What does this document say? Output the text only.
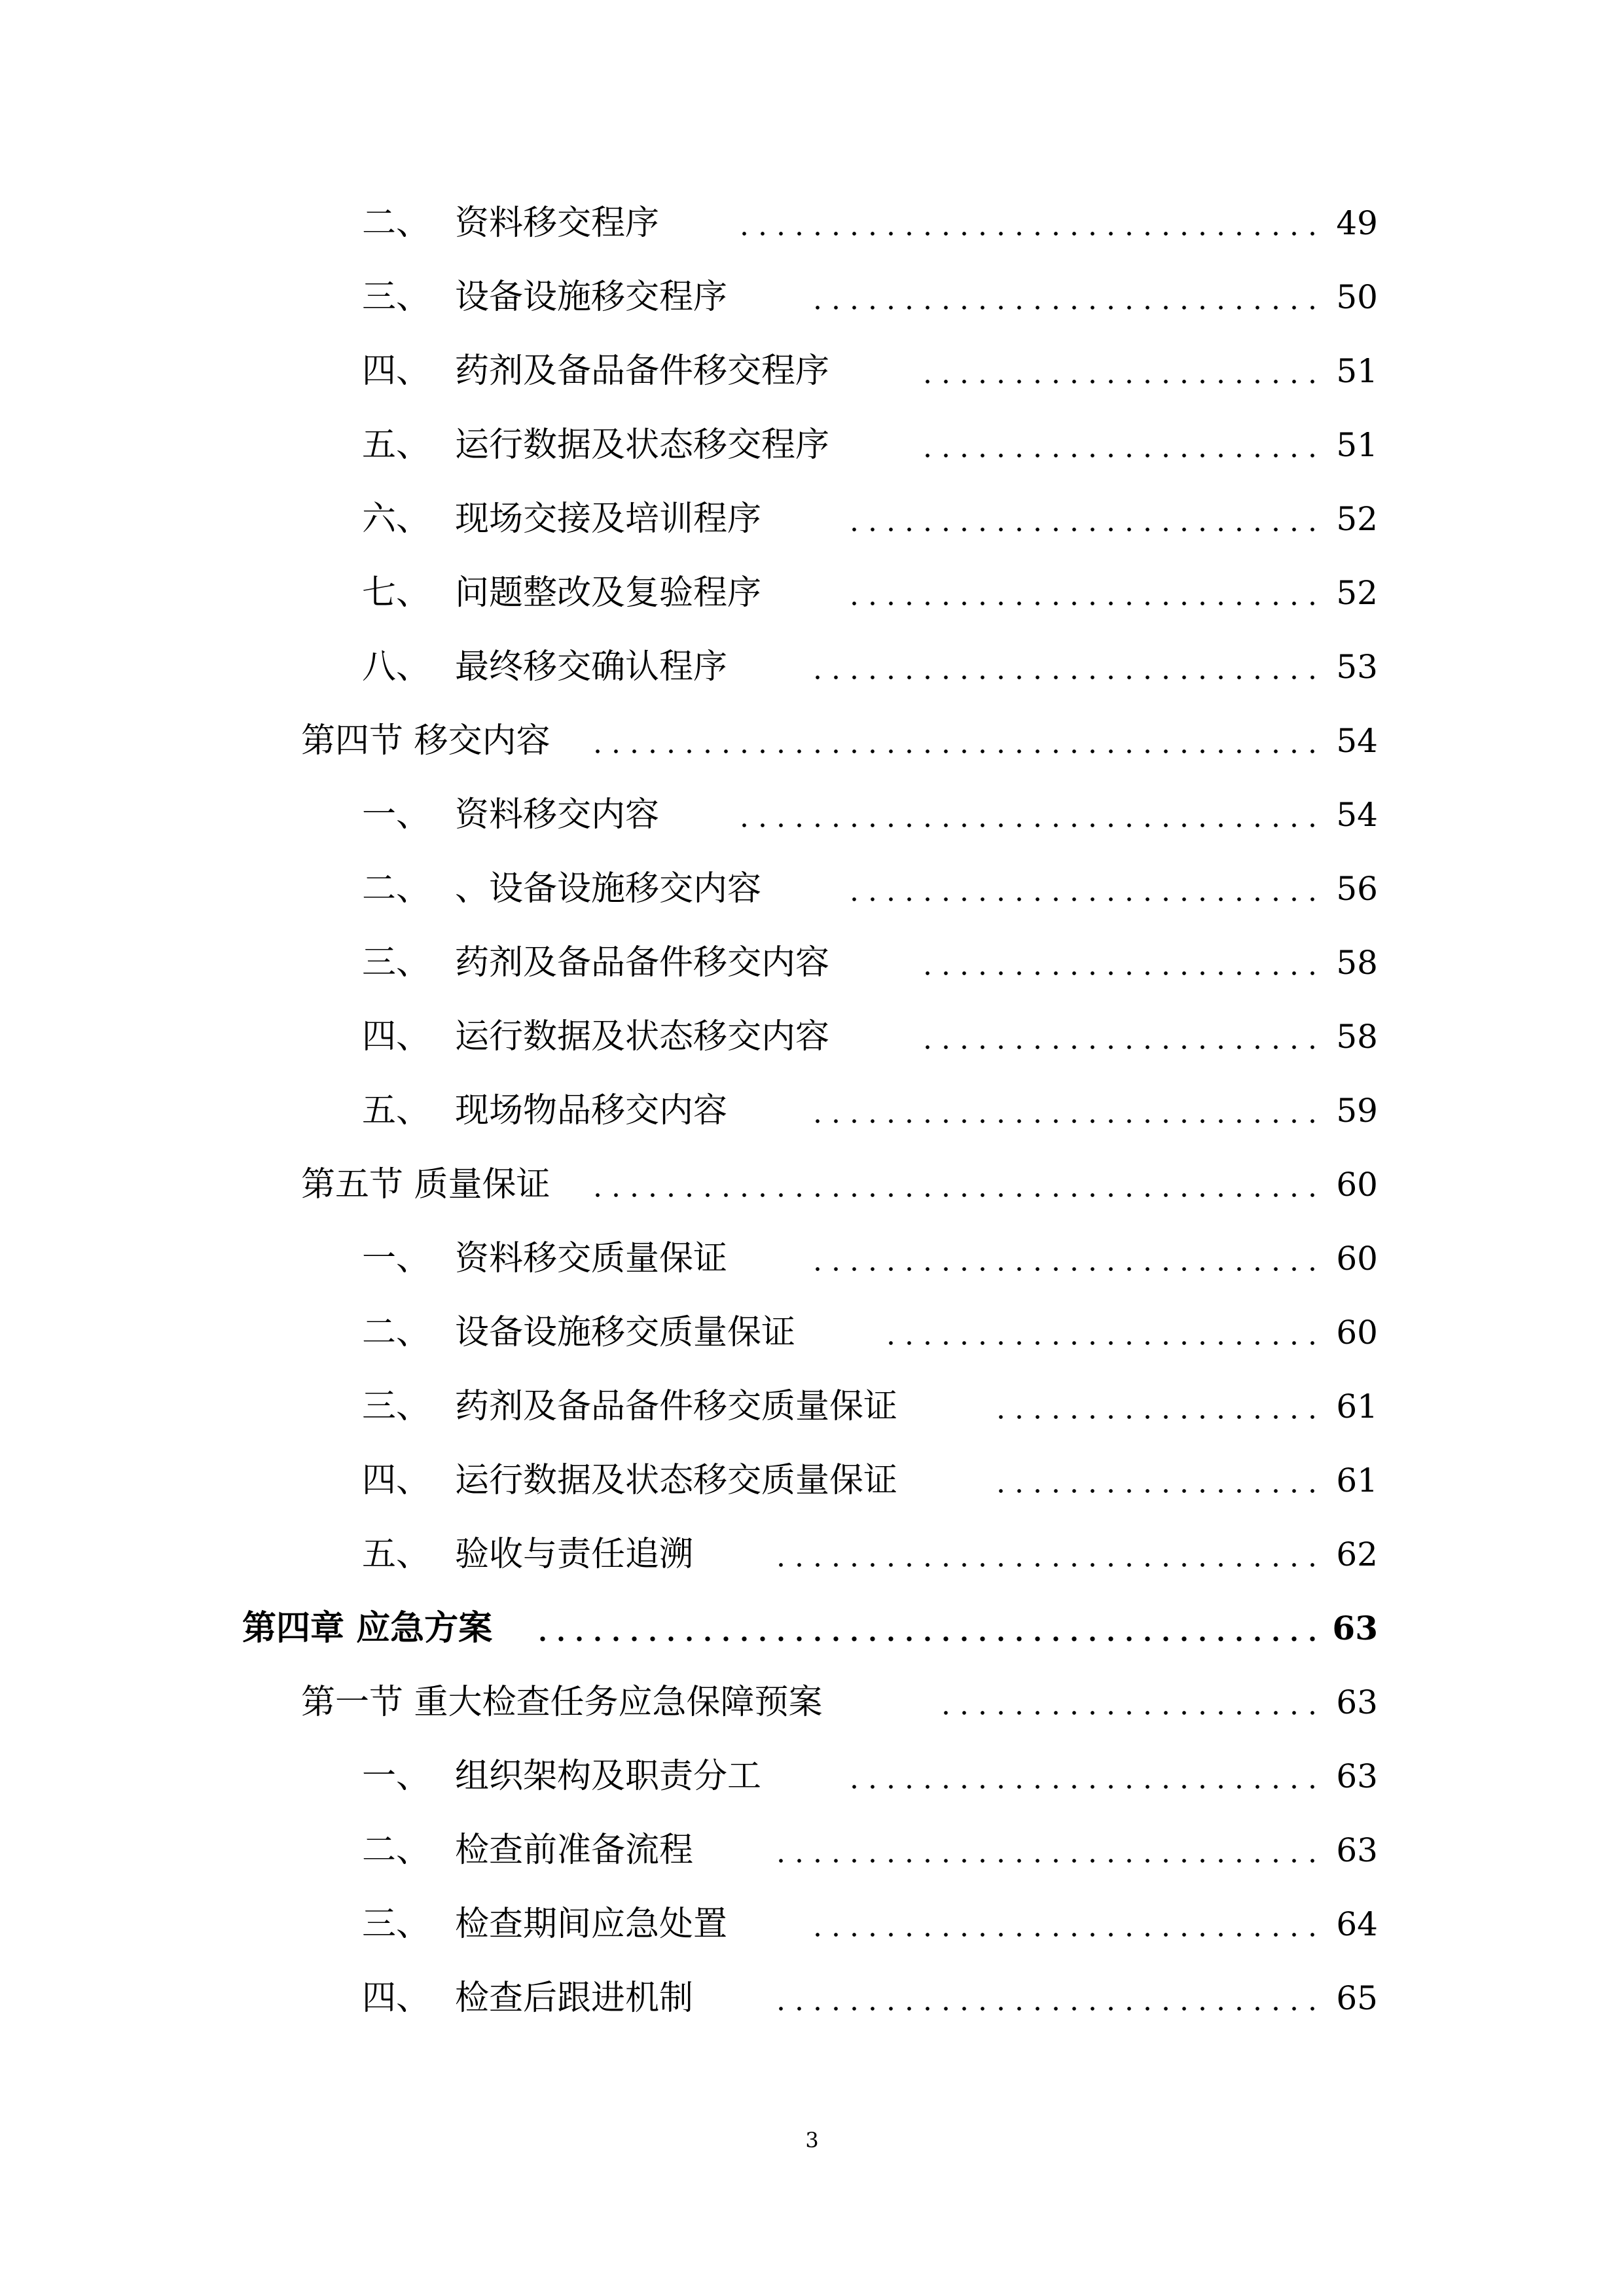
二、 资料移交程序	49
三、 设备设施移交程序	50
四、 药剂及备品备件移交程序	51
五、 运行数据及状态移交程序	51
六、 现场交接及培训程序	52
七、 问题整改及复验程序	52
八、 最终移交确认程序	53
第四节 移交内容	54
一、 资料移交内容	54
二、 、设备设施移交内容	56
三、 药剂及备品备件移交内容	58
四、 运行数据及状态移交内容	58
五、 现场物品移交内容	59
第五节 质量保证	60
一、 资料移交质量保证	60
二、 设备设施移交质量保证	60
三、 药剂及备品备件移交质量保证	61
四、 运行数据及状态移交质量保证	61
五、 验收与责任追溯	62
第四章 应急方案	63
第一节 重大检查任务应急保障预案	63
一、 组织架构及职责分工	63
二、 检查前准备流程	63
三、 检查期间应急处置	64
四、 检查后跟进机制	65
3
